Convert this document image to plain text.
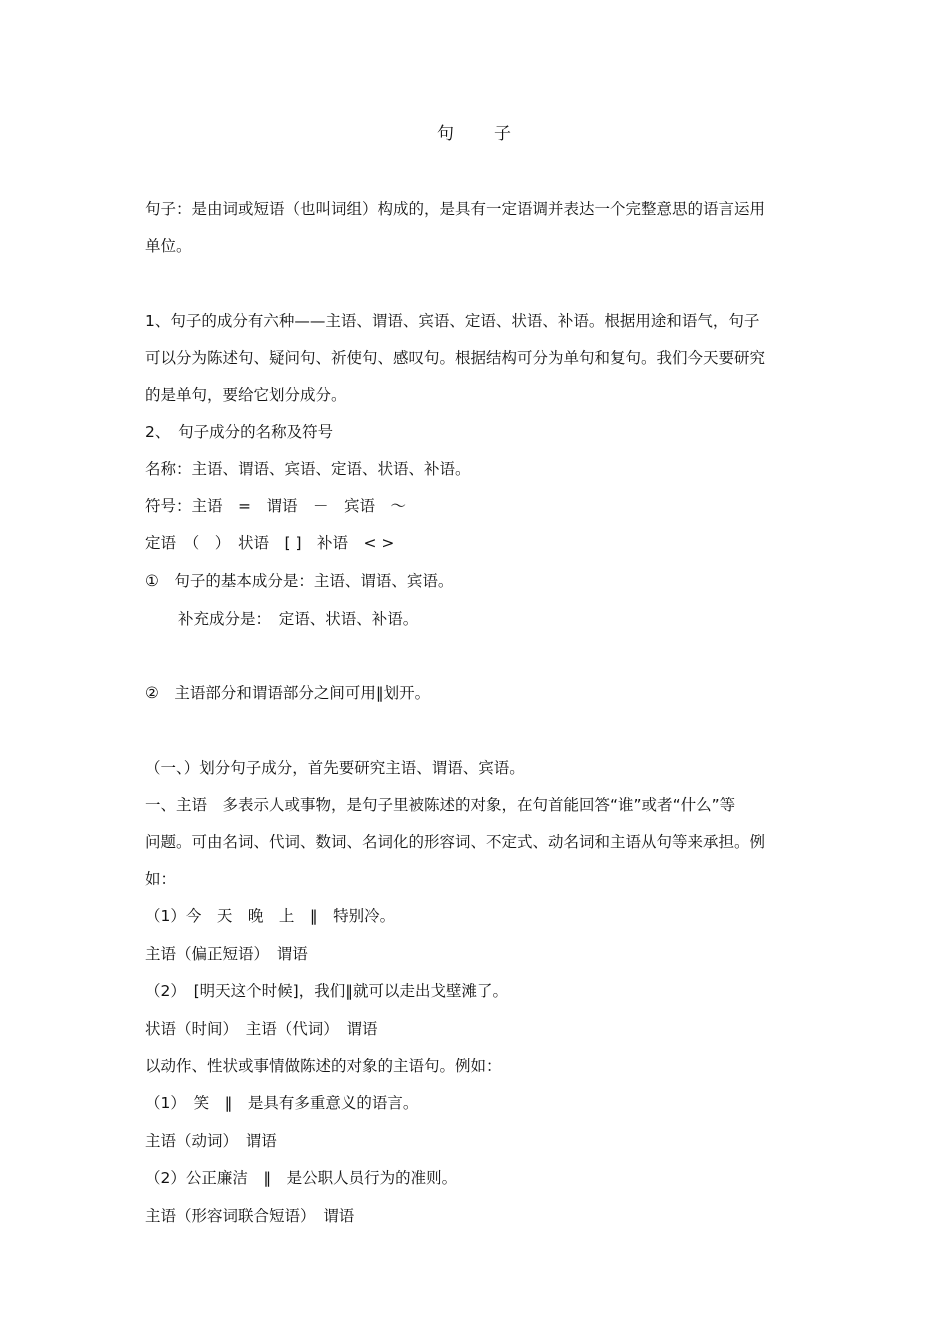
句　　子
句子：是由词或短语（也叫词组）构成的，是具有一定语调并表达一个完整意思的语言运用
单位。
1、句子的成分有六种——主语、谓语、宾语、定语、状语、补语。根据用途和语气，句子
可以分为陈述句、疑问句、祈使句、感叹句。根据结构可分为单句和复句。我们今天要研究
的是单句，要给它划分成分。
2、　句子成分的名称及符号
名称：主语、谓语、宾语、定语、状语、补语。
符号：主语　=　谓语　－　宾语　～
定语　（　）　状语　[ ]　补语　< >
①　句子的基本成分是：主语、谓语、宾语。
补充成分是：　定语、状语、补语。
②　主语部分和谓语部分之间可用‖划开。
（一、）划分句子成分，首先要研究主语、谓语、宾语。
一、主语　多表示人或事物，是句子里被陈述的对象，在句首能回答“谁”或者“什么”等
问题。可由名词、代词、数词、名词化的形容词、不定式、动名词和主语从句等来承担。例
如：
（1）今　天　晚　上　‖　特别冷。
主语（偏正短语）　谓语
（2）　[明天这个时候]，我们‖就可以走出戈壁滩了。
状语（时间）　主语（代词）　谓语
以动作、性状或事情做陈述的对象的主语句。例如：
（1）　笑　‖　是具有多重意义的语言。
主语（动词）　谓语
（2）公正廉洁　‖　是公职人员行为的准则。
主语（形容词联合短语）　谓语
